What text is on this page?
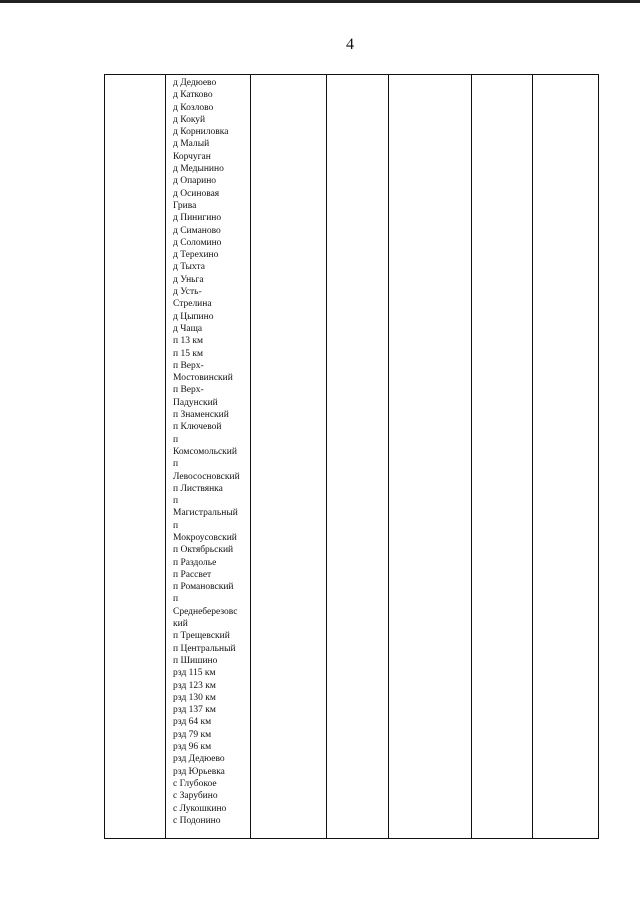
4
д Дедюево
д Катково
д Козлово
д Кокуй
д Корниловка
д Малый
Корчуган
д Медынино
д Опарино
д Осиновая
Грива
д Пинигино
д Симаново
д Соломино
д Терехино
д Тыхта
д Уньга
д Усть-
Стрелина
д Цыпино
д Чаща
п 13 км
п 15 км
п Верх-
Мостовинский
п Верх-
Падунский
п Знаменский
п Ключевой
п
Комсомольский
п
Левососновский
п Листвянка
п
Магистральный
п
Мокроусовский
п Октябрьский
п Раздолье
п Рассвет
п Романовский
п
Среднеберезовс
кий
п Трещевский
п Центральный
п Шишино
рзд 115 км
рзд 123 км
рзд 130 км
рзд 137 км
рзд 64 км
рзд 79 км
рзд 96 км
рзд Дедюево
рзд Юрьевка
с Глубокое
с Зарубино
с Лукошкино
с Подонино
